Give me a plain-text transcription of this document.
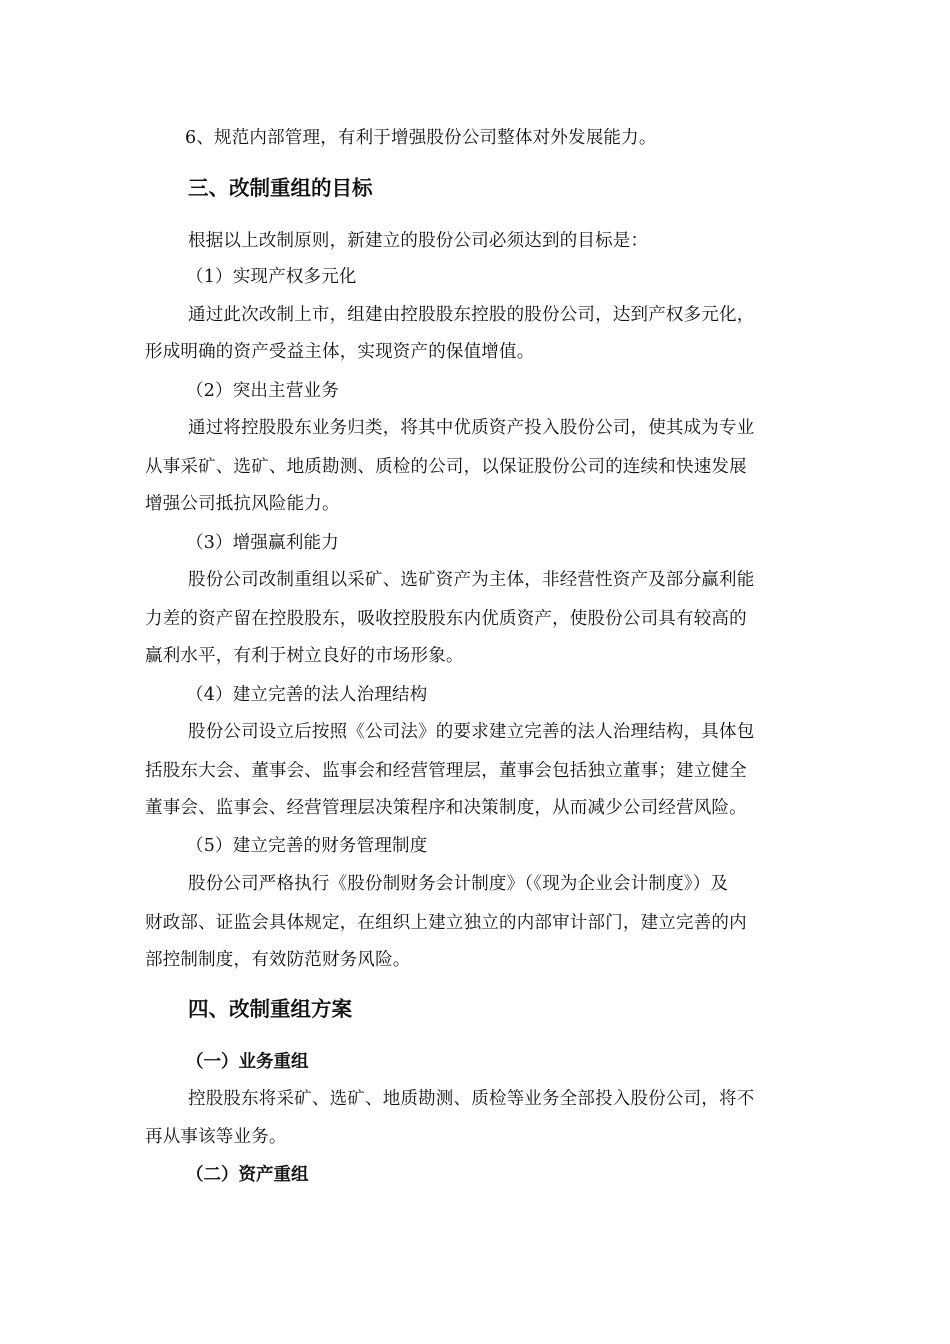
6、规范内部管理，有利于增强股份公司整体对外发展能力。
三、改制重组的目标
根据以上改制原则，新建立的股份公司必须达到的目标是：
（1）实现产权多元化
通过此次改制上市，组建由控股股东控股的股份公司，达到产权多元化，
形成明确的资产受益主体，实现资产的保值增值。
（2）突出主营业务
通过将控股股东业务归类，将其中优质资产投入股份公司，使其成为专业
从事采矿、选矿、地质勘测、质检的公司，以保证股份公司的连续和快速发展
增强公司抵抗风险能力。
（3）增强赢利能力
股份公司改制重组以采矿、选矿资产为主体，非经营性资产及部分赢利能
力差的资产留在控股股东，吸收控股股东内优质资产，使股份公司具有较高的
赢利水平，有利于树立良好的市场形象。
（4）建立完善的法人治理结构
股份公司设立后按照《公司法》的要求建立完善的法人治理结构，具体包
括股东大会、董事会、监事会和经营管理层，董事会包括独立董事；建立健全
董事会、监事会、经营管理层决策程序和决策制度，从而减少公司经营风险。
（5）建立完善的财务管理制度
股份公司严格执行《股份制财务会计制度》（《现为企业会计制度》）及
财政部、证监会具体规定，在组织上建立独立的内部审计部门，建立完善的内
部控制制度，有效防范财务风险。
四、改制重组方案
（一）业务重组
控股股东将采矿、选矿、地质勘测、质检等业务全部投入股份公司，将不
再从事该等业务。
（二）资产重组
